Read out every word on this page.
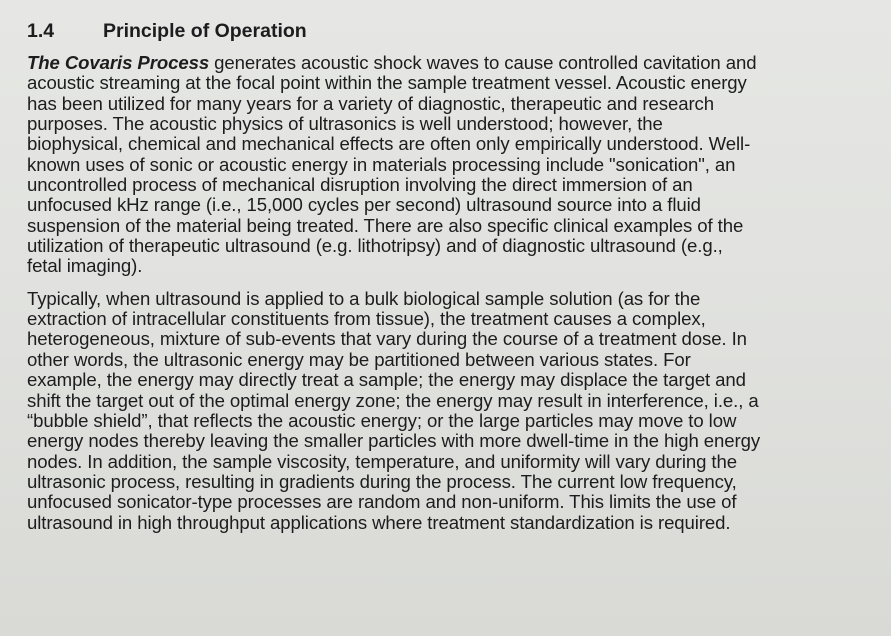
1.4	Principle of Operation

The Covaris Process generates acoustic shock waves to cause controlled cavitation and
acoustic streaming at the focal point within the sample treatment vessel. Acoustic energy
has been utilized for many years for a variety of diagnostic, therapeutic and research
purposes. The acoustic physics of ultrasonics is well understood; however, the
biophysical, chemical and mechanical effects are often only empirically understood. Well-
known uses of sonic or acoustic energy in materials processing include "sonication", an
uncontrolled process of mechanical disruption involving the direct immersion of an
unfocused kHz range (i.e., 15,000 cycles per second) ultrasound source into a fluid
suspension of the material being treated. There are also specific clinical examples of the
utilization of therapeutic ultrasound (e.g. lithotripsy) and of diagnostic ultrasound (e.g.,
fetal imaging).

Typically, when ultrasound is applied to a bulk biological sample solution (as for the
extraction of intracellular constituents from tissue), the treatment causes a complex,
heterogeneous, mixture of sub-events that vary during the course of a treatment dose. In
other words, the ultrasonic energy may be partitioned between various states. For
example, the energy may directly treat a sample; the energy may displace the target and
shift the target out of the optimal energy zone; the energy may result in interference, i.e., a
“bubble shield”, that reflects the acoustic energy; or the large particles may move to low
energy nodes thereby leaving the smaller particles with more dwell-time in the high energy
nodes. In addition, the sample viscosity, temperature, and uniformity will vary during the
ultrasonic process, resulting in gradients during the process. The current low frequency,
unfocused sonicator-type processes are random and non-uniform. This limits the use of
ultrasound in high throughput applications where treatment standardization is required.
